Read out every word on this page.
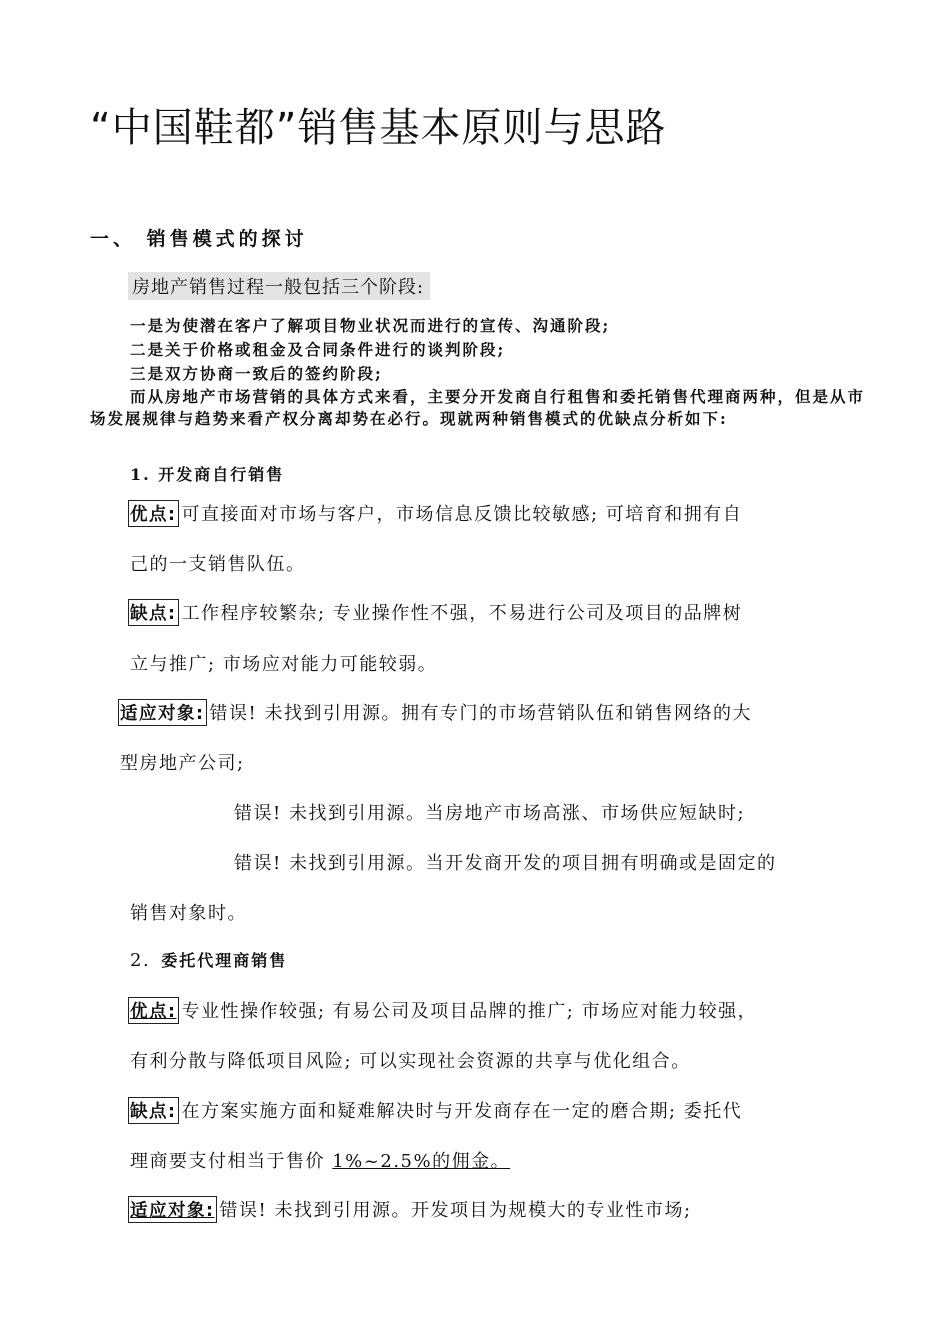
“中国鞋都”销售基本原则与思路
一、 销售模式的探讨
房地产销售过程一般包括三个阶段:
一是为使潜在客户了解项目物业状况而进行的宣传、沟通阶段;
二是关于价格或租金及合同条件进行的谈判阶段;
三是双方协商一致后的签约阶段;
而从房地产市场营销的具体方式来看，主要分开发商自行租售和委托销售代理商两种，但是从市场发展规律与趋势来看产权分离却势在必行。现就两种销售模式的优缺点分析如下:
1. 开发商自行销售
优点: 可直接面对市场与客户，市场信息反馈比较敏感; 可培育和拥有自
己的一支销售队伍。
缺点: 工作程序较繁杂; 专业操作性不强，不易进行公司及项目的品牌树
立与推广; 市场应对能力可能较弱。
适应对象: 错误! 未找到引用源。拥有专门的市场营销队伍和销售网络的大
型房地产公司;
错误! 未找到引用源。当房地产市场高涨、市场供应短缺时;
错误! 未找到引用源。当开发商开发的项目拥有明确或是固定的
销售对象时。
2. 委托代理商销售
优点: 专业性操作较强; 有易公司及项目品牌的推广; 市场应对能力较强，
有利分散与降低项目风险; 可以实现社会资源的共享与优化组合。
缺点: 在方案实施方面和疑难解决时与开发商存在一定的磨合期; 委托代
理商要支付相当于售价 1%~2.5%的佣金。
适应对象: 错误! 未找到引用源。开发项目为规模大的专业性市场;
